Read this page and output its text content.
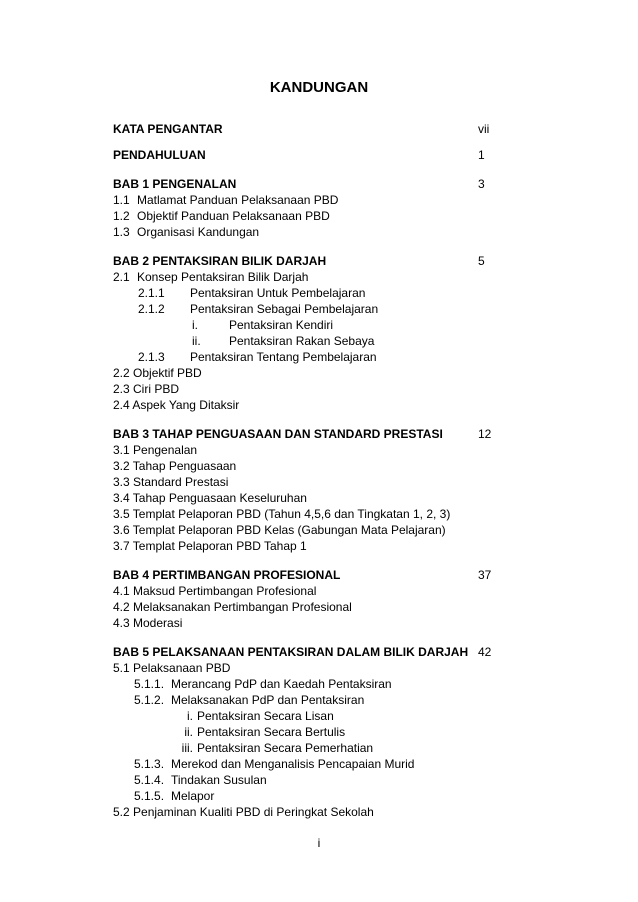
KANDUNGAN
KATA PENGANTAR	vii
PENDAHULUAN	1
BAB 1 PENGENALAN	3
1.1 Matlamat Panduan Pelaksanaan PBD
1.2 Objektif Panduan Pelaksanaan PBD
1.3 Organisasi Kandungan
BAB 2 PENTAKSIRAN BILIK DARJAH	5
2.1 Konsep Pentaksiran Bilik Darjah
2.1.1 Pentaksiran Untuk Pembelajaran
2.1.2 Pentaksiran Sebagai Pembelajaran
i.	Pentaksiran Kendiri
ii. Pentaksiran Rakan Sebaya
2.1.3 Pentaksiran Tentang Pembelajaran
2.2 Objektif PBD
2.3 Ciri PBD
2.4 Aspek Yang Ditaksir
BAB 3 TAHAP PENGUASAAN DAN STANDARD PRESTASI	12
3.1 Pengenalan
3.2 Tahap Penguasaan
3.3 Standard Prestasi
3.4 Tahap Penguasaan Keseluruhan
3.5 Templat Pelaporan PBD (Tahun 4,5,6 dan Tingkatan 1, 2, 3)
3.6 Templat Pelaporan PBD Kelas (Gabungan Mata Pelajaran)
3.7 Templat Pelaporan PBD Tahap 1
BAB 4 PERTIMBANGAN PROFESIONAL	37
4.1 Maksud Pertimbangan Profesional
4.2 Melaksanakan Pertimbangan Profesional
4.3 Moderasi
BAB 5 PELAKSANAAN PENTAKSIRAN DALAM BILIK DARJAH 42
5.1 Pelaksanaan PBD
5.1.1. Merancang PdP dan Kaedah Pentaksiran
5.1.2. Melaksanakan PdP dan Pentaksiran
i. Pentaksiran Secara Lisan
ii. Pentaksiran Secara Bertulis
iii. Pentaksiran Secara Pemerhatian
5.1.3. Merekod dan Menganalisis Pencapaian Murid
5.1.4. Tindakan Susulan
5.1.5. Melapor
5.2 Penjaminan Kualiti PBD di Peringkat Sekolah
i
